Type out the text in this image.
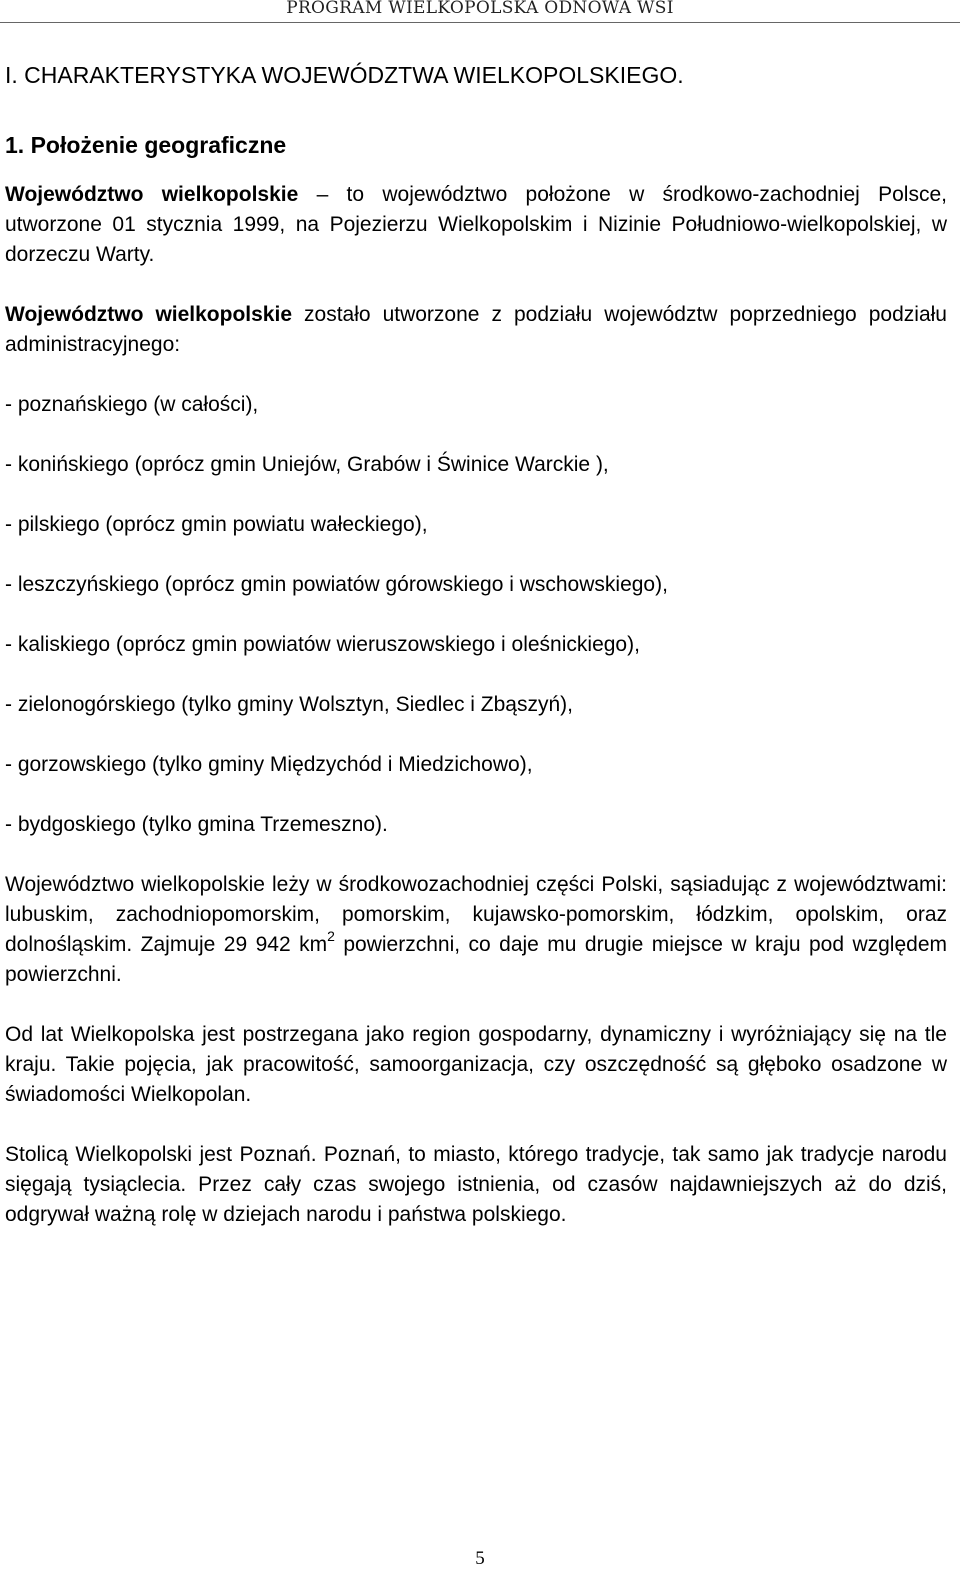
PROGRAM WIELKOPOLSKA ODNOWA WSI
I. CHARAKTERYSTYKA WOJEWÓDZTWA WIELKOPOLSKIEGO.
1. Położenie geograficzne

Województwo wielkopolskie – to województwo położone w środkowo-zachodniej Polsce, utworzone 01 stycznia 1999, na Pojezierzu Wielkopolskim i Nizinie Południowo-wielkopolskiej, w dorzeczu Warty.

Województwo wielkopolskie zostało utworzone z podziału województw poprzedniego podziału administracyjnego:

- poznańskiego (w całości),
- konińskiego (oprócz gmin Uniejów, Grabów i Świnice Warckie ),
- pilskiego (oprócz gmin powiatu wałeckiego),
- leszczyńskiego (oprócz gmin powiatów górowskiego i wschowskiego),
- kaliskiego (oprócz gmin powiatów wieruszowskiego i oleśnickiego),
- zielonogórskiego (tylko gminy Wolsztyn, Siedlec i Zbąszyń),
- gorzowskiego (tylko gminy Międzychód i Miedzichowo),
- bydgoskiego (tylko gmina Trzemeszno).

Województwo wielkopolskie leży w środkowozachodniej części Polski, sąsiadując z województwami: lubuskim, zachodniopomorskim, pomorskim, kujawsko-pomorskim, łódzkim, opolskim, oraz dolnośląskim. Zajmuje 29 942 $km^2$ powierzchni, co daje mu drugie miejsce w kraju pod względem powierzchni.

Od lat Wielkopolska jest postrzegana jako region gospodarny, dynamiczny i wyróżniający się na tle kraju. Takie pojęcia, jak pracowitość, samoorganizacja, czy oszczędność są głęboko osadzone w świadomości Wielkopolan.

Stolicą Wielkopolski jest Poznań. Poznań, to miasto, którego tradycje, tak samo jak tradycje narodu sięgają tysiąclecia. Przez cały czas swojego istnienia, od czasów najdawniejszych aż do dziś, odgrywał ważną rolę w dziejach narodu i państwa polskiego.

5
